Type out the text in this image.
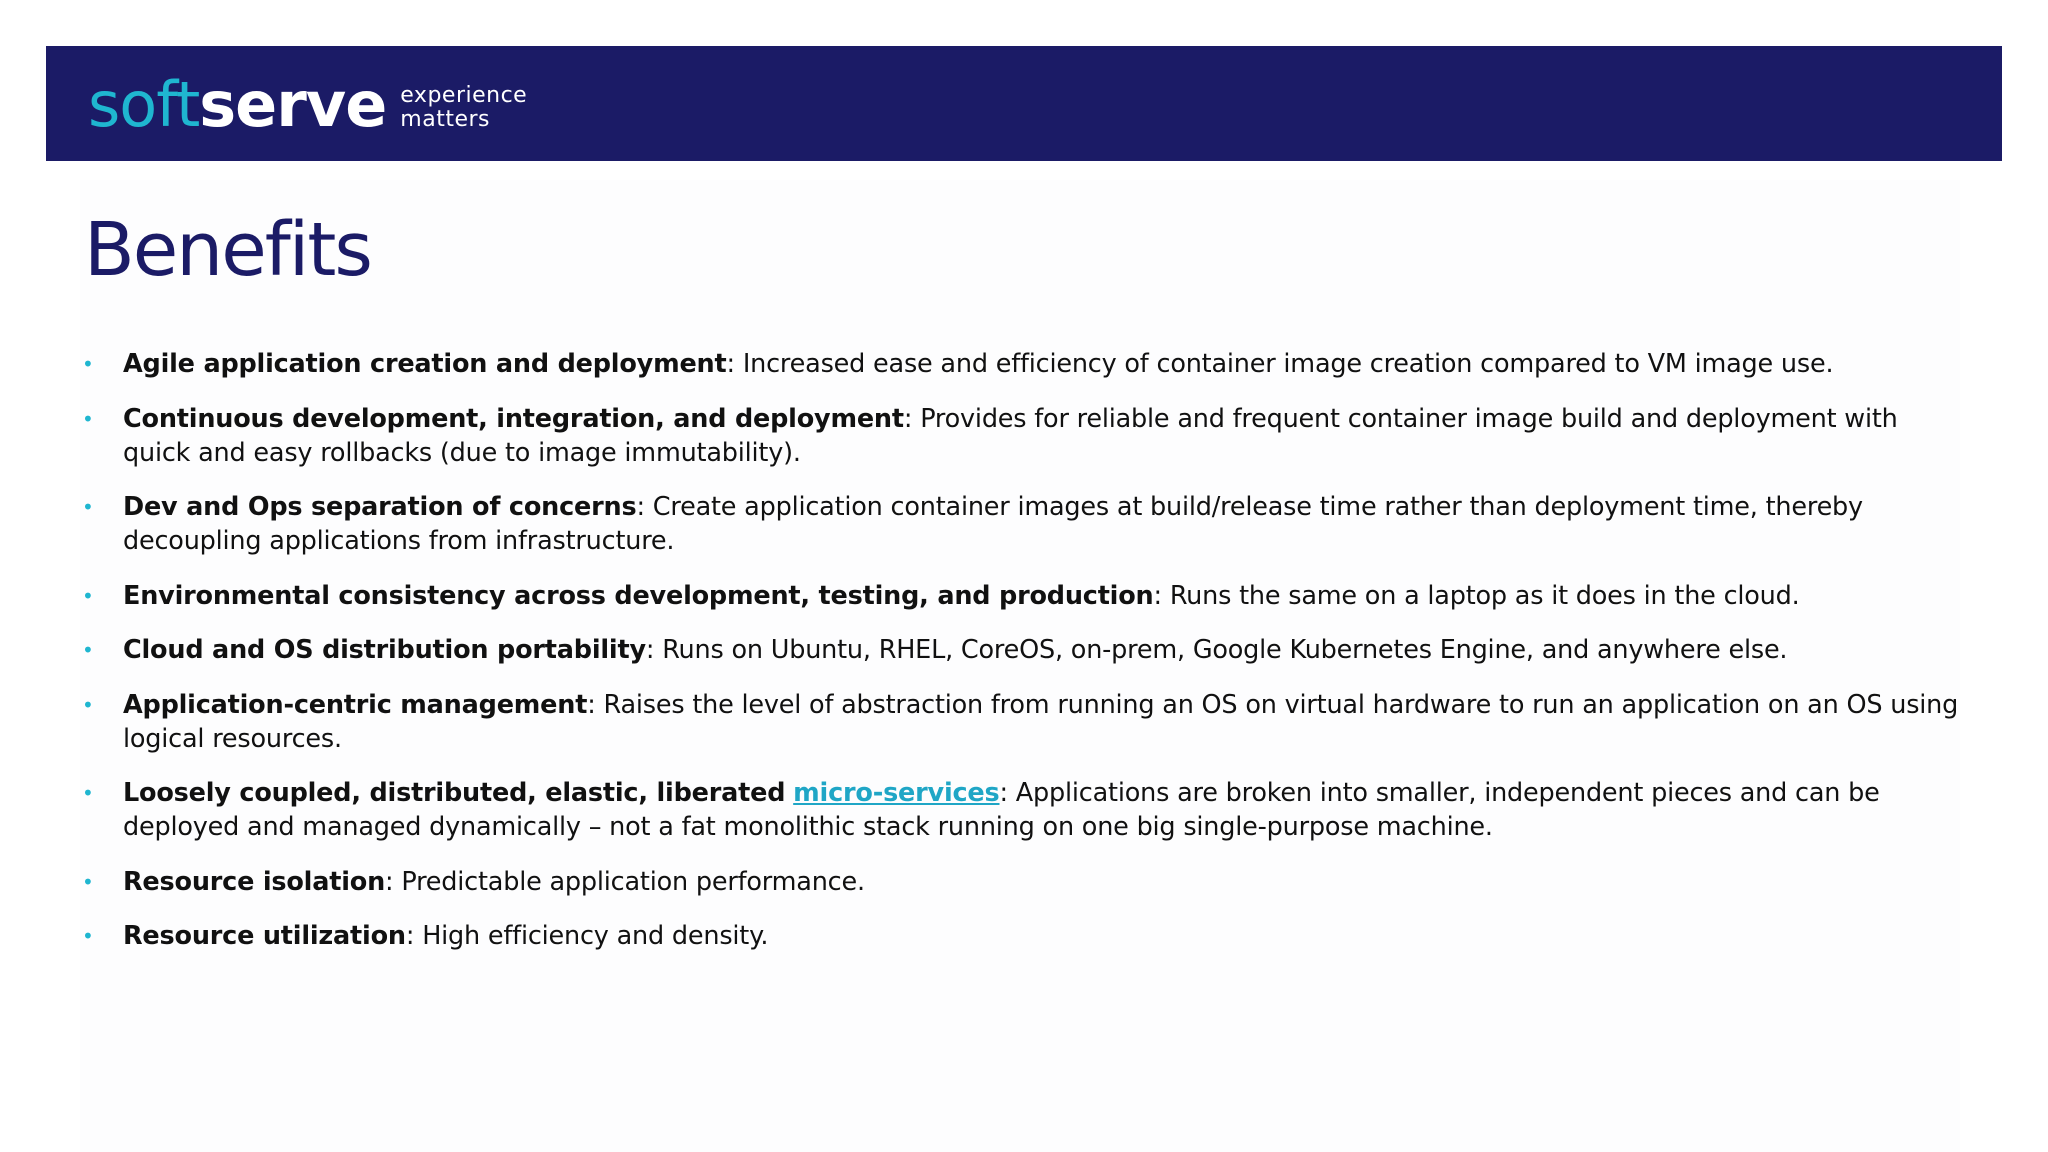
soft serve experience
matters
Benefits
• Agile application creation and deployment: Increased ease and efficiency of container image creation compared to VM image use.
• Continuous development, integration, and deployment: Provides for reliable and frequent container image build and deployment with quick and easy rollbacks (due to image immutability).
• Dev and Ops separation of concerns: Create application container images at build/release time rather than deployment time, thereby decoupling applications from infrastructure.
• Environmental consistency across development, testing, and production: Runs the same on a laptop as it does in the cloud.
• Cloud and OS distribution portability: Runs on Ubuntu, RHEL, CoreOS, on-prem, Google Kubernetes Engine, and anywhere else.
• Application-centric management: Raises the level of abstraction from running an OS on virtual hardware to run an application on an OS using logical resources.
• Loosely coupled, distributed, elastic, liberated micro-services: Applications are broken into smaller, independent pieces and can be deployed and managed dynamically – not a fat monolithic stack running on one big single-purpose machine.
• Resource isolation: Predictable application performance.
• Resource utilization: High efficiency and density.
